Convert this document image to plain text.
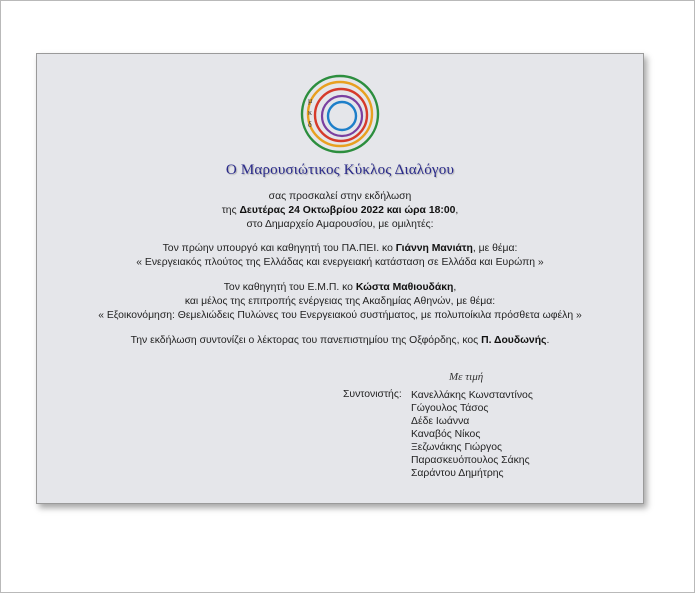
μ
κ
δ
Ο Μαρουσιώτικος Κύκλος Διαλόγου
σας προσκαλεί στην εκδήλωση
της Δευτέρας 24 Οκτωβρίου 2022 και ώρα 18:00,
στο Δημαρχείο Αμαρουσίου, με ομιλητές:
Τον πρώην υπουργό και καθηγητή του ΠΑ.ΠΕΙ. κο Γιάννη Μανιάτη, με θέμα:
« Ενεργειακός πλούτος της Ελλάδας και ενεργειακή κατάσταση σε Ελλάδα και Ευρώπη »
Τον καθηγητή του Ε.Μ.Π. κο Κώστα Μαθιουδάκη,
και μέλος της επιτροπής ενέργειας της Ακαδημίας Αθηνών, με θέμα:
« Εξοικονόμηση: Θεμελιώδεις Πυλώνες του Ενεργειακού συστήματος, με πολυποίκιλα πρόσθετα ωφέλη »
Την εκδήλωση συντονίζει ο λέκτορας του πανεπιστημίου της Οξφόρδης, κος Π. Δουδωνής.
Με τιμή
Συντονιστής: Κανελλάκης Κωνσταντίνος
Γώγουλος Τάσος
Δέδε Ιωάννα
Καναβός Νίκος
Ξεζωνάκης Γιώργος
Παρασκευόπουλος Σάκης
Σαράντου Δημήτρης
